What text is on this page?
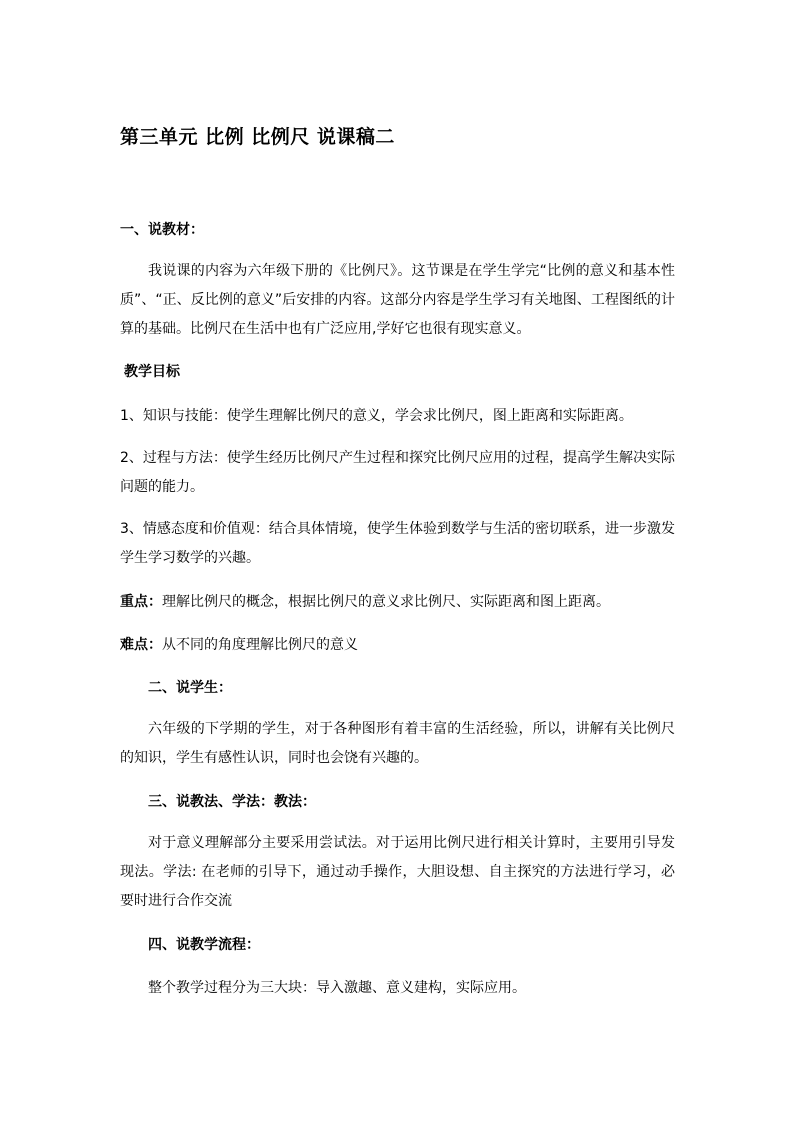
第三单元 比例 比例尺 说课稿二
一、说教材：
我说课的内容为六年级下册的《比例尺》。这节课是在学生学完“比例的意义和基本性质”、“正、反比例的意义”后安排的内容。这部分内容是学生学习有关地图、工程图纸的计算的基础。比例尺在生活中也有广泛应用,学好它也很有现实意义。
教学目标
1、知识与技能：使学生理解比例尺的意义，学会求比例尺，图上距离和实际距离。
2、过程与方法：使学生经历比例尺产生过程和探究比例尺应用的过程，提高学生解决实际问题的能力。
3、情感态度和价值观：结合具体情境，使学生体验到数学与生活的密切联系，进一步激发学生学习数学的兴趣。
重点：理解比例尺的概念，根据比例尺的意义求比例尺、实际距离和图上距离。
难点：从不同的角度理解比例尺的意义
二、说学生：
六年级的下学期的学生，对于各种图形有着丰富的生活经验，所以，讲解有关比例尺的知识，学生有感性认识，同时也会饶有兴趣的。
三、说教法、学法：教法：
对于意义理解部分主要采用尝试法。对于运用比例尺进行相关计算时，主要用引导发现法。学法: 在老师的引导下，通过动手操作，大胆设想、自主探究的方法进行学习，必要时进行合作交流
四、说教学流程：
整个教学过程分为三大块：导入激趣、意义建构，实际应用。
